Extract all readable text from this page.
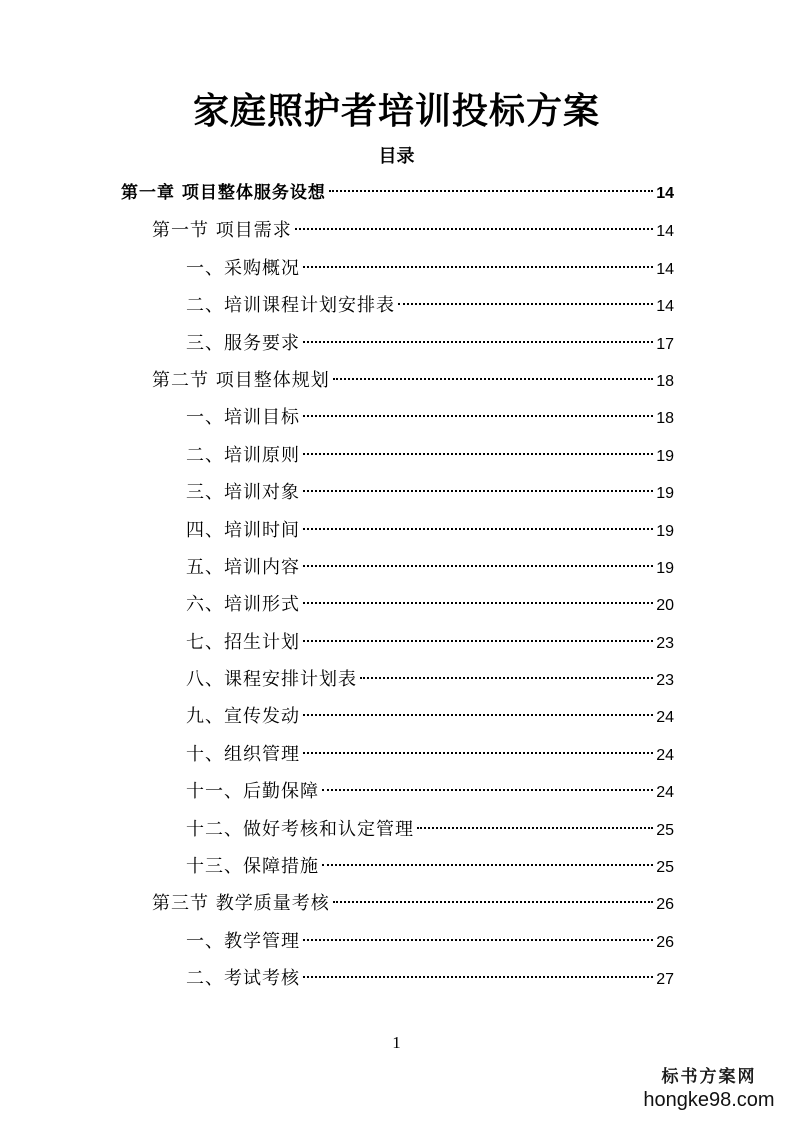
家庭照护者培训投标方案
目录
第一章 项目整体服务设想	14
第一节 项目需求	14
一、采购概况	14
二、培训课程计划安排表	14
三、服务要求	17
第二节 项目整体规划	18
一、培训目标	18
二、培训原则	19
三、培训对象	19
四、培训时间	19
五、培训内容	19
六、培训形式	20
七、招生计划	23
八、课程安排计划表	23
九、宣传发动	24
十、组织管理	24
十一、后勤保障	24
十二、做好考核和认定管理	25
十三、保障措施	25
第三节 教学质量考核	26
一、教学管理	26
二、考试考核	27
1
标书方案网
hongke98.com
